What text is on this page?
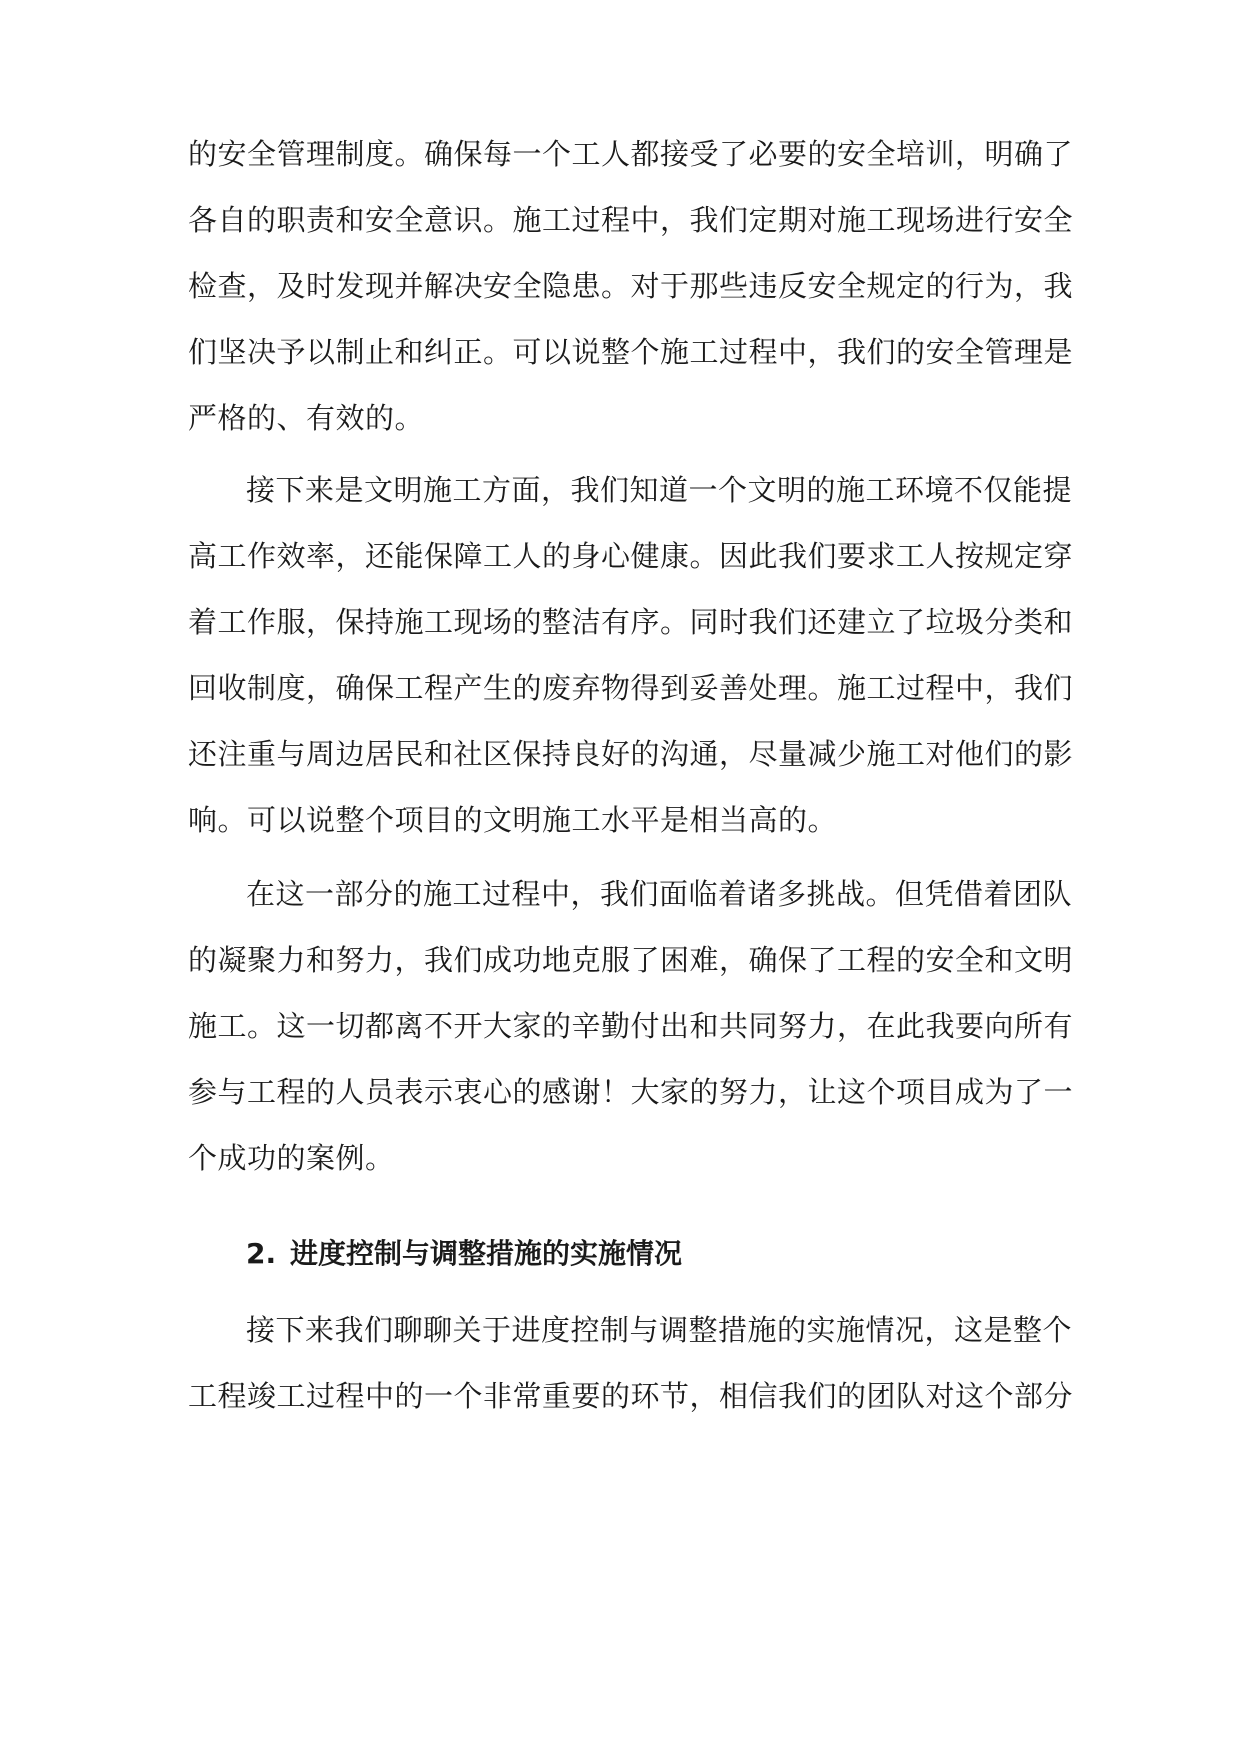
的安全管理制度。确保每一个工人都接受了必要的安全培训，明确了
各自的职责和安全意识。施工过程中，我们定期对施工现场进行安全
检查，及时发现并解决安全隐患。对于那些违反安全规定的行为，我
们坚决予以制止和纠正。可以说整个施工过程中，我们的安全管理是
严格的、有效的。
接下来是文明施工方面，我们知道一个文明的施工环境不仅能提
高工作效率，还能保障工人的身心健康。因此我们要求工人按规定穿
着工作服，保持施工现场的整洁有序。同时我们还建立了垃圾分类和
回收制度，确保工程产生的废弃物得到妥善处理。施工过程中，我们
还注重与周边居民和社区保持良好的沟通，尽量减少施工对他们的影
响。可以说整个项目的文明施工水平是相当高的。
在这一部分的施工过程中，我们面临着诸多挑战。但凭借着团队
的凝聚力和努力，我们成功地克服了困难，确保了工程的安全和文明
施工。这一切都离不开大家的辛勤付出和共同努力，在此我要向所有
参与工程的人员表示衷心的感谢！大家的努力，让这个项目成为了一
个成功的案例。
2. 进度控制与调整措施的实施情况
接下来我们聊聊关于进度控制与调整措施的实施情况，这是整个
工程竣工过程中的一个非常重要的环节，相信我们的团队对这个部分
